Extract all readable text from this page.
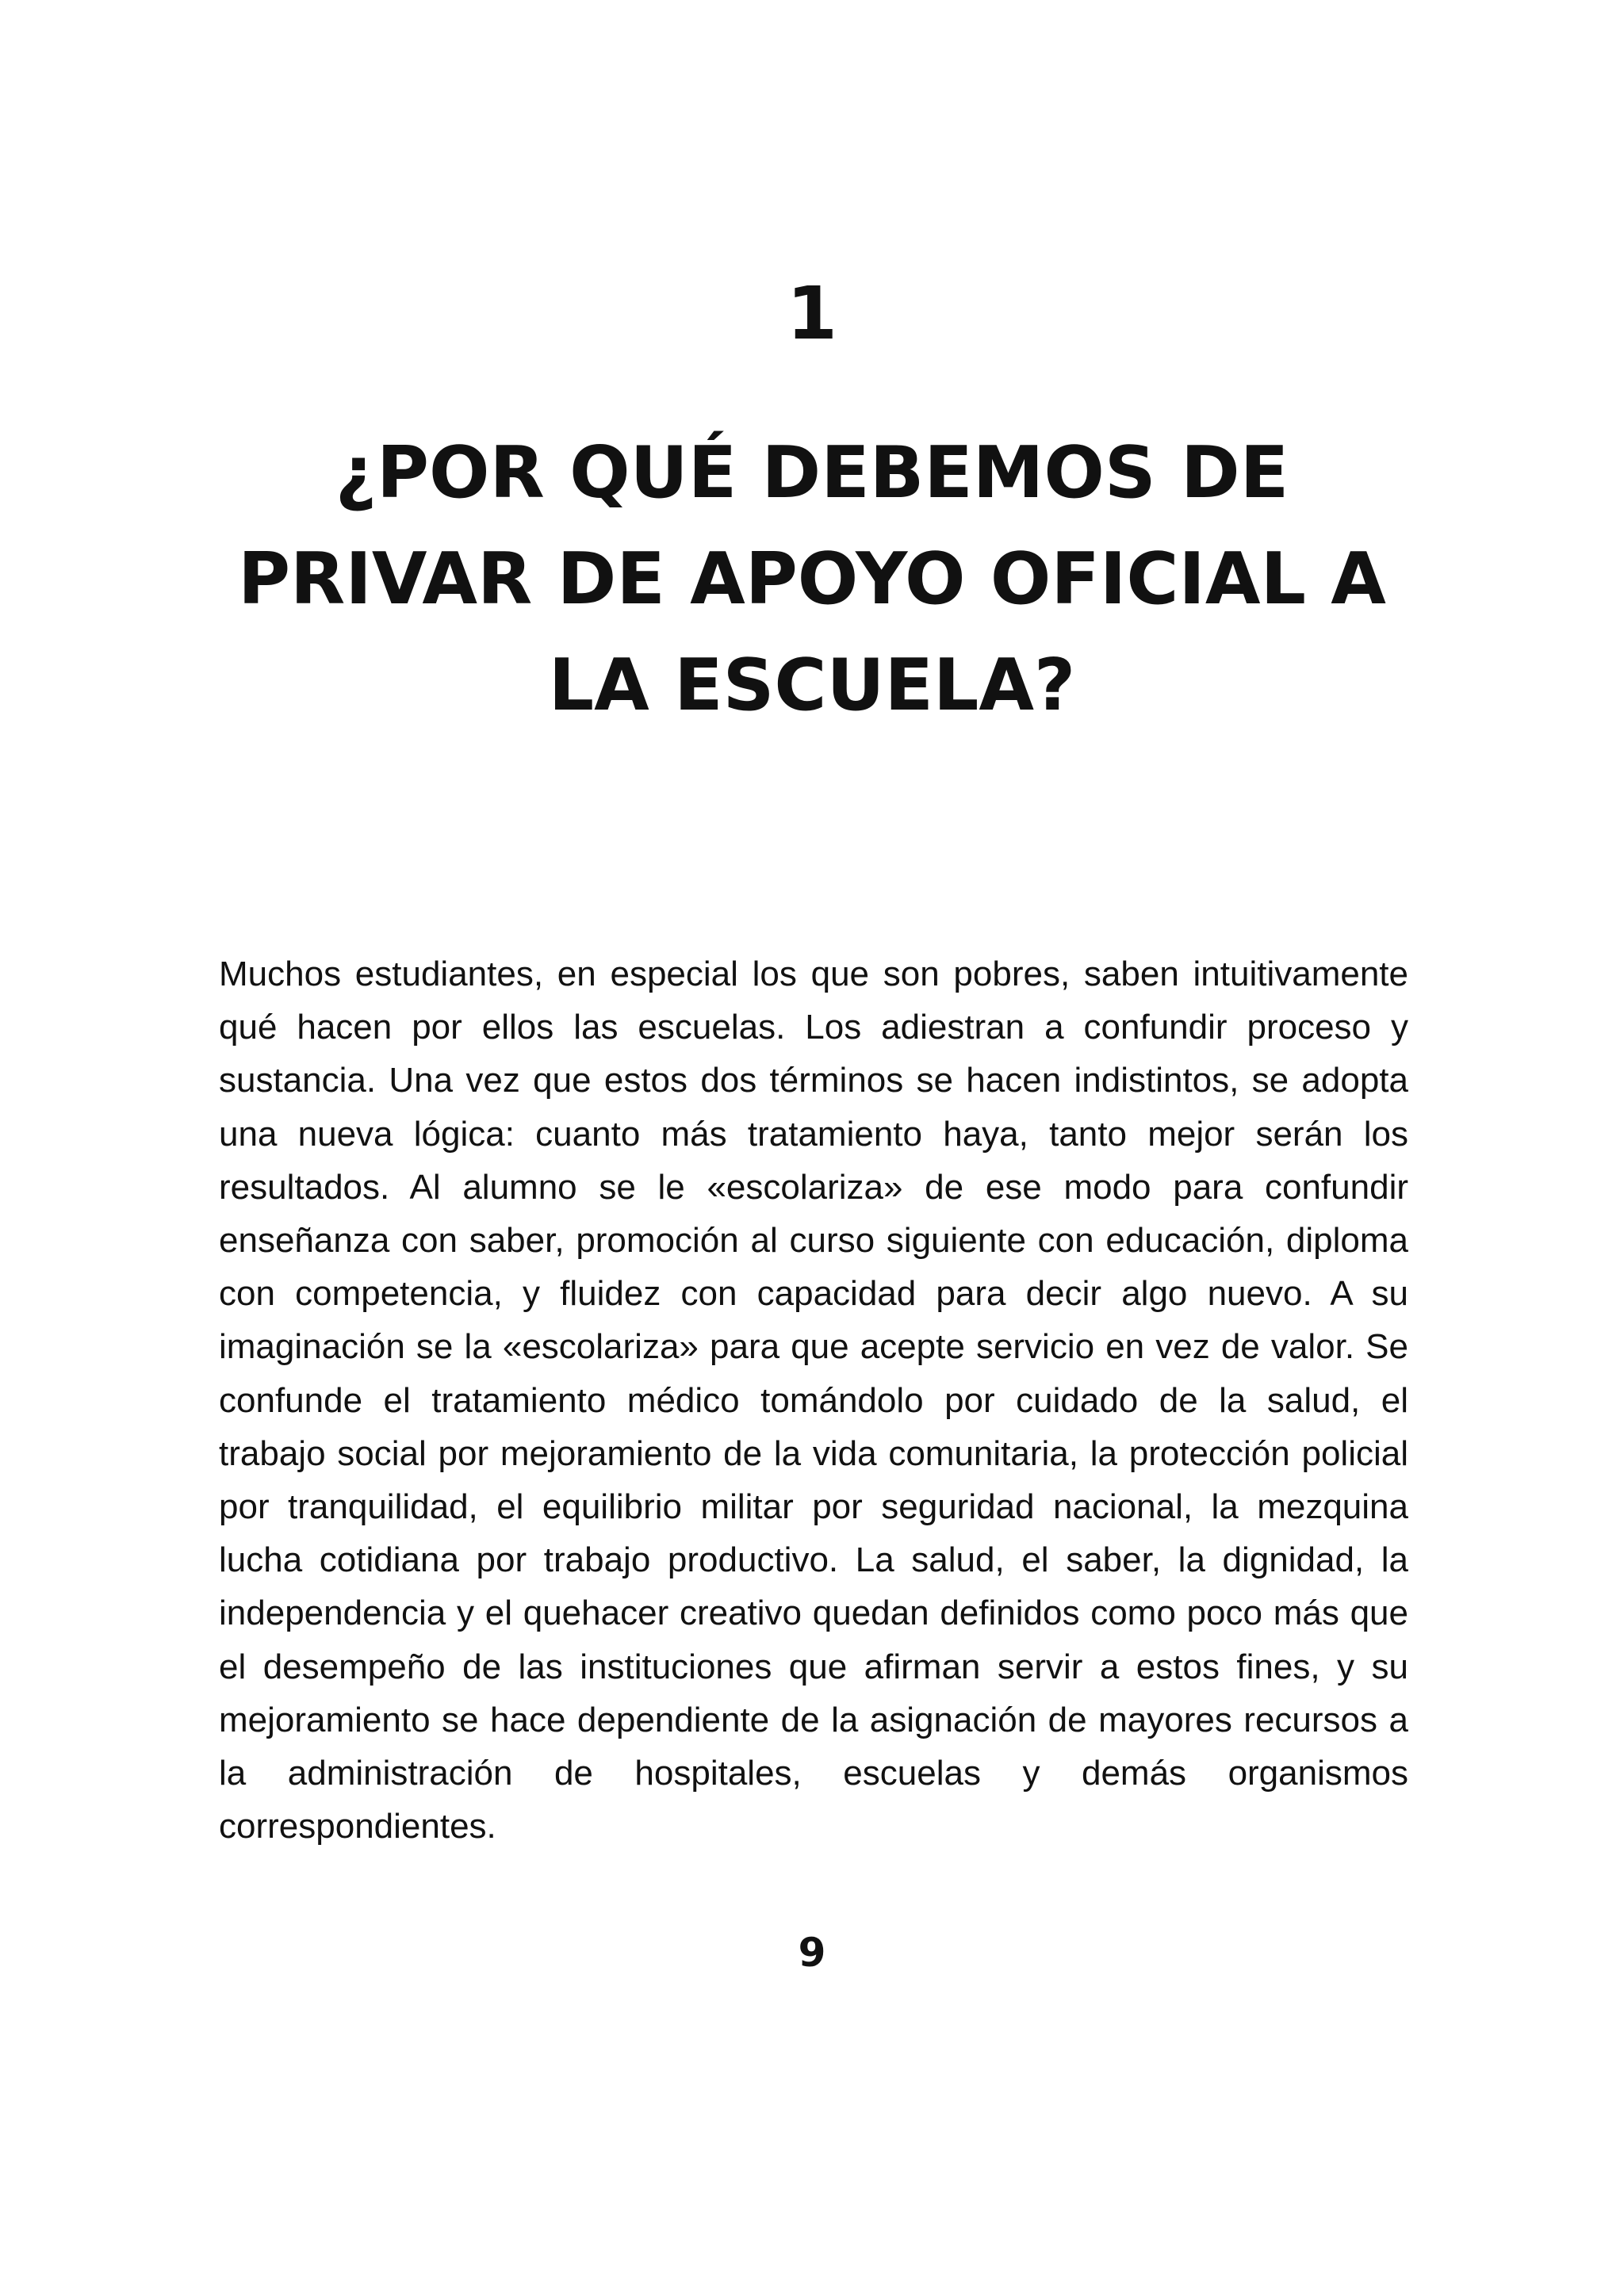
1
¿POR QUÉ DEBEMOS DE
PRIVAR DE APOYO OFICIAL A
LA ESCUELA?

Muchos estudiantes, en especial los que son pobres, saben intuitivamente qué hacen por ellos las escuelas. Los adiestran a confundir proceso y sustancia. Una vez que estos dos términos se hacen indistintos, se adopta una nueva lógica: cuanto más tratamiento haya, tanto mejor serán los resultados. Al alumno se le «escolariza» de ese modo para confundir enseñanza con saber, promoción al curso siguiente con educación, diploma con competencia, y fluidez con capacidad para decir algo nuevo. A su imaginación se la «escolariza» para que acepte servicio en vez de valor. Se confunde el tratamiento médico tomándolo por cuidado de la salud, el trabajo social por mejoramiento de la vida comunitaria, la protección policial por tranquilidad, el equilibrio militar por seguridad nacional, la mezquina lucha cotidiana por trabajo productivo. La salud, el saber, la dignidad, la independencia y el quehacer creativo quedan definidos como poco más que el desempeño de las instituciones que afirman servir a estos fines, y su mejoramiento se hace dependiente de la asignación de mayores recursos a la administración de hospitales, escuelas y demás organismos correspondientes.

9
